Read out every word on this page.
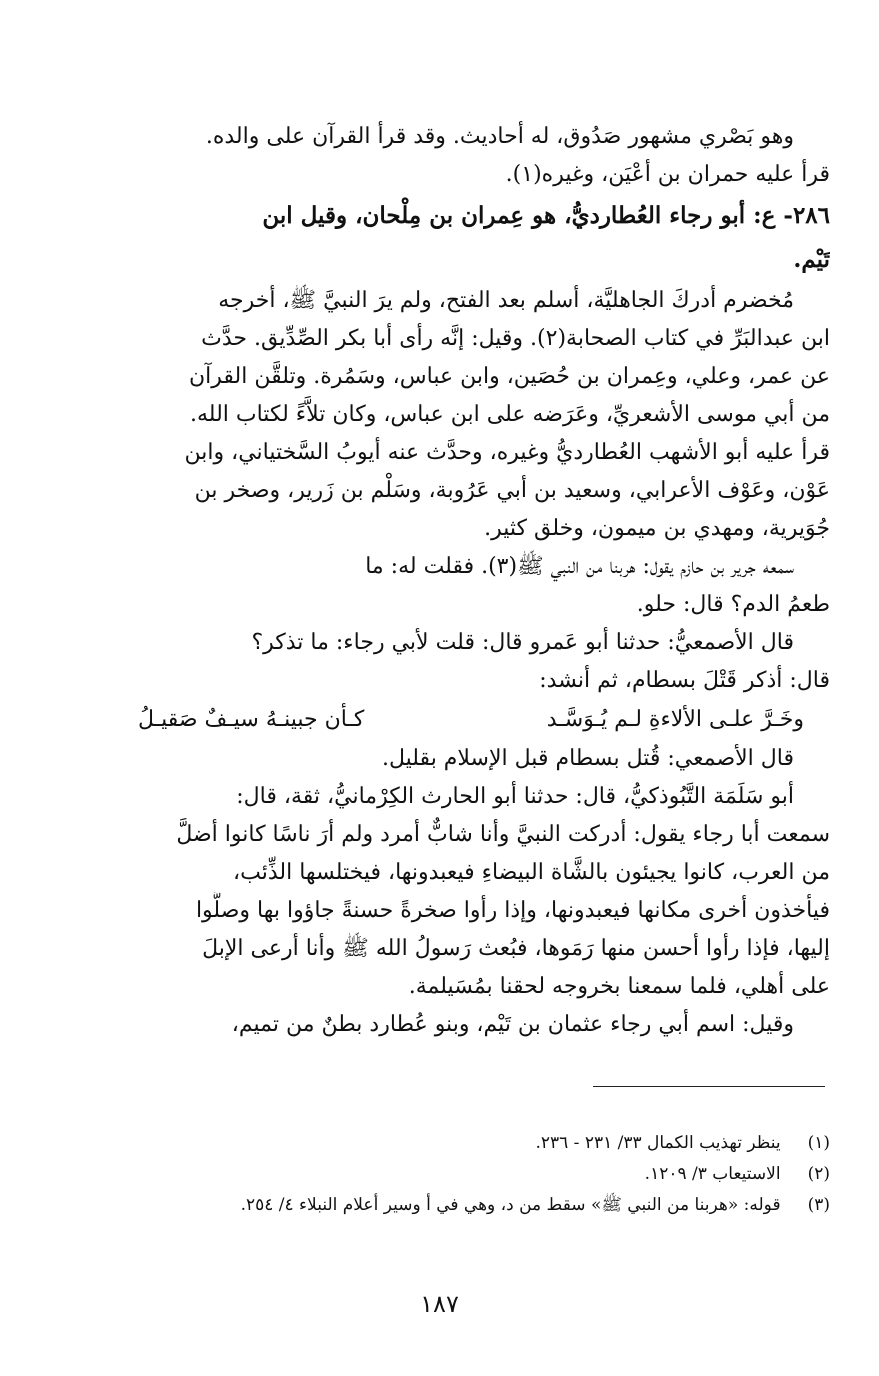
وهو بَصْري مشهور صَدُوق، له أحاديث. وقد قرأ القرآن على والده.
قرأ عليه حمران بن أعْيَن، وغيره(١).
٢٨٦- ع: أبو رجاء العُطارديُّ، هو عِمران بن مِلْحان، وقيل ابن
تَيْم.
مُخضرم أدركَ الجاهليَّة، أسلم بعد الفتح، ولم يرَ النبيَّ ﷺ، أخرجه
ابن عبدالبَرِّ في كتاب الصحابة(٢). وقيل: إنَّه رأى أبا بكر الصِّدِّيق. حدَّث
عن عمر، وعلي، وعِمران بن حُصَين، وابن عباس، وسَمُرة. وتلقَّن القرآن
من أبي موسى الأشعريِّ، وعَرَضه على ابن عباس، وكان تلاَّءً لكتاب الله.
قرأ عليه أبو الأشهب العُطارديُّ وغيره، وحدَّث عنه أيوبُ السَّختياني، وابن
عَوْن، وعَوْف الأعرابي، وسعيد بن أبي عَرُوبة، وسَلْم بن زَرير، وصخر بن
جُوَيرية، ومهدي بن ميمون، وخلق كثير.
سمعه جرير بن حازم يقول: هربنا من النبي ﷺ(٣). فقلت له: ما
طعمُ الدم؟ قال: حلو.
قال الأصمعيُّ: حدثنا أبو عَمرو قال: قلت لأبي رجاء: ما تذكر؟
قال: أذكر قَتْلَ بسطام، ثم أنشد:
وخَـرَّ علـى الألاءةِ لـم يُـوَسَّـد
كـأن جبينـهُ سيـفٌ صَقيـلُ
قال الأصمعي: قُتل بسطام قبل الإسلام بقليل.
أبو سَلَمَة التَّبُوذكيُّ، قال: حدثنا أبو الحارث الكِرْمانيُّ، ثقة، قال:
سمعت أبا رجاء يقول: أدركت النبيَّ وأنا شابٌّ أمرد ولم أرَ ناسًا كانوا أضلَّ
من العرب، كانوا يجيئون بالشَّاة البيضاءِ فيعبدونها، فيختلسها الذِّئب،
فيأخذون أخرى مكانها فيعبدونها، وإذا رأوا صخرةً حسنةً جاؤوا بها وصلَّوا
إليها، فإذا رأوا أحسن منها رَمَوها، فبُعث رَسولُ الله ﷺ وأنا أرعى الإبلَ
على أهلي، فلما سمعنا بخروجه لحقنا بمُسَيلمة.
وقيل: اسم أبي رجاء عثمان بن تَيْم، وبنو عُطارد بطنٌ من تميم،
(١) ينظر تهذيب الكمال ٣٣/ ٢٣١ - ٢٣٦.
(٢) الاستيعاب ٣/ ١٢٠٩.
(٣) قوله: «هربنا من النبي ﷺ» سقط من د، وهي في أ وسير أعلام النبلاء ٤/ ٢٥٤.
١٨٧
